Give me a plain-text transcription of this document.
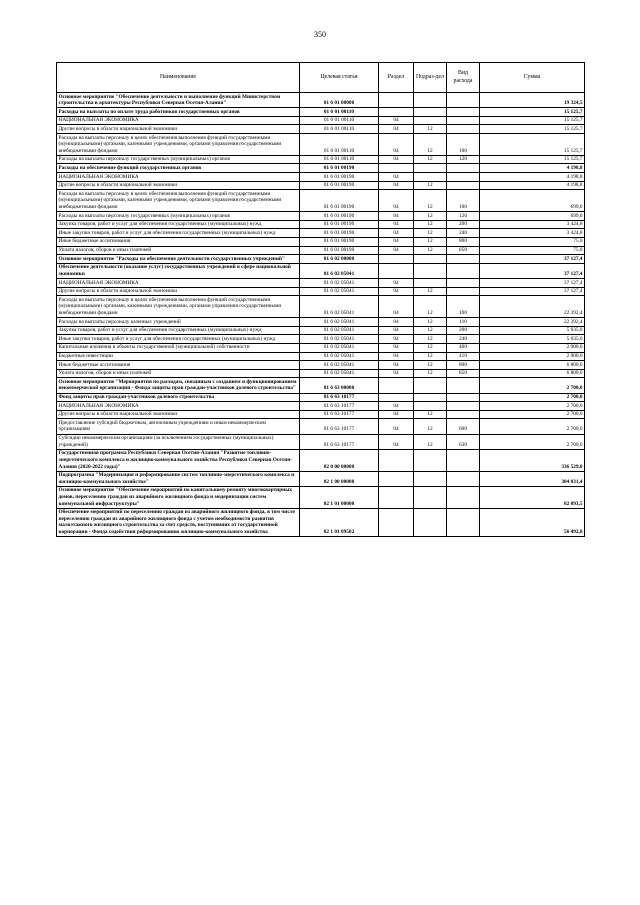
350
Наименование	Целевая статья	Раздел	Подраз-дел	Вид расхода	Сумма
Основное мероприятие "Обеспечение деятельности и выполнение функций Министерством строительства и архитектуры Республики Северная Осетия-Алания"	01 6 01 00000				19 324,5
Расходы на выплаты по оплате труда работников государственных органов	01 6 01 00110				15 125,7
НАЦИОНАЛЬНАЯ ЭКОНОМИКА	01 6 01 00110	04			15 125,7
Другие вопросы в области национальной экономики	01 6 01 00110	04	12		15 125,7
Расходы на выплаты персоналу в целях обеспечения выполнения функций государственными (муниципальными) органами, казенными учреждениями, органами управления государственными внебюджетными фондами	01 6 01 00110	04	12	100	15 125,7
Расходы на выплаты персоналу государственных (муниципальных) органов	01 6 01 00110	04	12	120	15 125,7
Расходы на обеспечение функций государственных органов	01 6 01 00190				4 198,8
НАЦИОНАЛЬНАЯ ЭКОНОМИКА	01 6 01 00190	04			4 198,8
Другие вопросы в области национальной экономики	01 6 01 00190	04	12		4 198,8
Расходы на выплаты персоналу в целях обеспечения выполнения функций государственными (муниципальными) органами, казенными учреждениями, органами управления государственными внебюджетными фондами	01 6 01 00190	04	12	100	699,0
Расходы на выплаты персоналу государственных (муниципальных) органов	01 6 01 00190	04	12	120	699,0
Закупка товаров, работ и услуг для обеспечения государственных (муниципальных) нужд	01 6 01 00190	04	12	200	3 424,8
Иные закупки товаров, работ и услуг для обеспечения государственных (муниципальных) нужд	01 6 01 00190	04	12	240	3 424,8
Иные бюджетные ассигнования	01 6 01 00190	04	12	800	75,0
Уплата налогов, сборов и иных платежей	01 6 01 00190	04	12	850	75,0
Основное мероприятие "Расходы на обеспечение деятельности государственных учреждений"	01 6 02 00000				37 127,4
Обеспечение деятельности (оказание услуг) государственных учреждений в сфере национальной экономики	01 6 02 05041				37 127,4
НАЦИОНАЛЬНАЯ ЭКОНОМИКА	01 6 02 05041	04			37 127,4
Другие вопросы в области национальной экономики	01 6 02 05041	04	12		37 127,4
Расходы на выплаты персоналу в целях обеспечения выполнения функций государственными (муниципальными) органами, казенными учреждениями, органами управления государственными внебюджетными фондами	01 6 02 05041	04	12	100	22 392,4
Расходы на выплаты персоналу казенных учреждений	01 6 02 05041	04	12	110	22 392,4
Закупка товаров, работ и услуг для обеспечения государственных (муниципальных) нужд	01 6 02 05041	04	12	200	5 035,0
Иные закупки товаров, работ и услуг для обеспечения государственных (муниципальных) нужд	01 6 02 05041	04	12	240	5 035,0
Капитальные вложения в объекты государственной (муниципальной) собственности	01 6 02 05041	04	12	400	2 900,0
Бюджетные инвестиции	01 6 02 05041	04	12	410	2 900,0
Иные бюджетные ассигнования	01 6 02 05041	04	12	800	6 800,0
Уплата налогов, сборов и иных платежей	01 6 02 05041	04	12	850	6 800,0
Основное мероприятие "Мероприятия по расходам, связанным с созданием и функционированием некоммерческой организации - Фонда защиты прав граждан-участников долевого строительства"	01 6 63 00000				2 700,0
Фонд защиты прав граждан-участников долевого строительства	01 6 63 10177				2 700,0
НАЦИОНАЛЬНАЯ ЭКОНОМИКА	01 6 63 10177	04			2 700,0
Другие вопросы в области национальной экономики	01 6 63 10177	04	12		2 700,0
Предоставление субсидий бюджетным, автономным учреждениям и иным некоммерческим организациям	01 6 63 10177	04	12	600	2 700,0
Субсидии некоммерческим организациям (за исключением государственных (муниципальных) учреждений)	01 6 63 10177	04	12	630	2 700,0
Государственная программа Республики Северная Осетия-Алания "Развитие топливно-энергетического комплекса и жилищно-коммунального хозяйства Республики Северная Осетия-Алания (2020-2022 годы)"	02 0 00 00000				336 529,0
Подпрограмма "Модернизация и реформирование систем топливно-энергетического комплекса и жилищно-коммунального хозяйства"	02 1 00 00000				304 031,4
Основное мероприятие "Обеспечение мероприятий по капитальному ремонту многоквартирных домов, переселению граждан из аварийного жилищного фонда и модернизации систем коммунальной инфраструктуры"	02 1 01 00000				82 093,5
Обеспечение мероприятий по переселению граждан из аварийного жилищного фонда, в том числе переселению граждан из аварийного жилищного фонда с учетом необходимости развития малоэтажного жилищного строительства за счет средств, поступивших от государственной корпорации - Фонда содействия реформированию жилищно-коммунального хозяйства	02 1 01 09502				56 492,8
